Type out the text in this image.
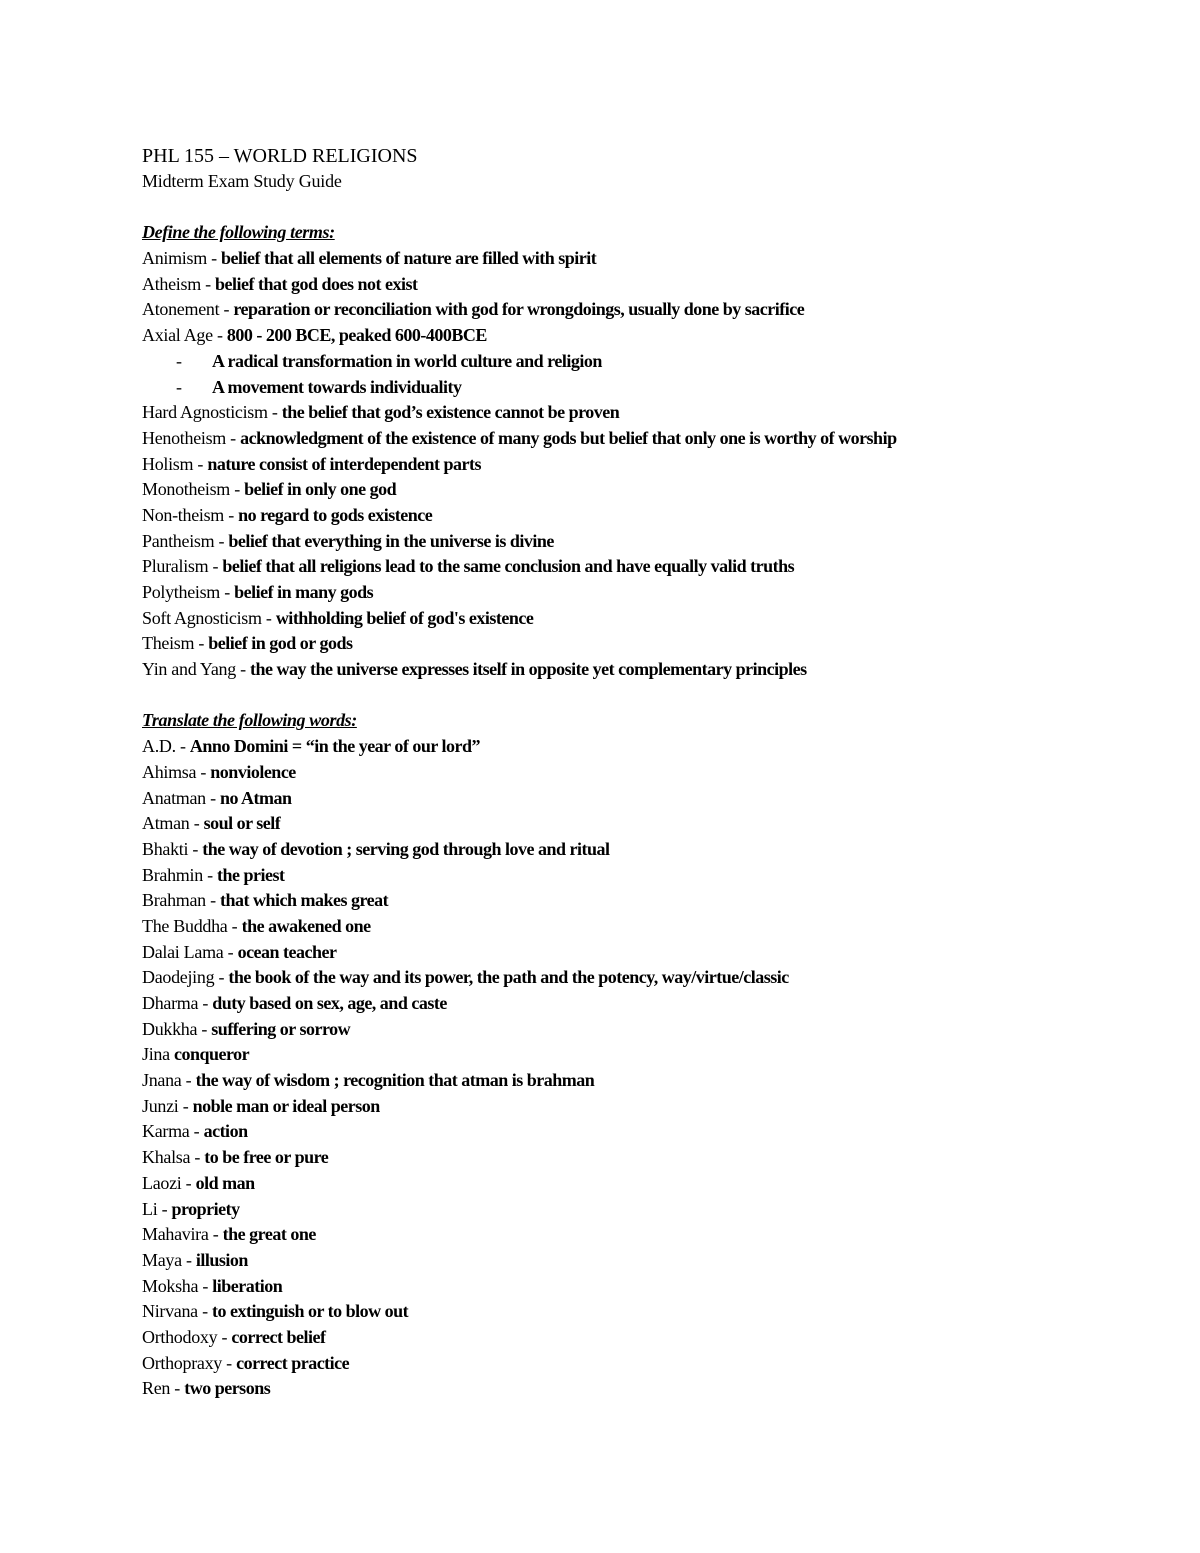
PHL 155 – WORLD RELIGIONS
Midterm Exam Study Guide
Define the following terms:
Animism - belief that all elements of nature are filled with spirit
Atheism - belief that god does not exist
Atonement - reparation or reconciliation with god for wrongdoings, usually done by sacrifice
Axial Age - 800 - 200 BCE, peaked 600-400BCE
- A radical transformation in world culture and religion
- A movement towards individuality
Hard Agnosticism - the belief that god’s existence cannot be proven
Henotheism - acknowledgment of the existence of many gods but belief that only one is worthy of worship
Holism - nature consist of interdependent parts
Monotheism - belief in only one god
Non-theism - no regard to gods existence
Pantheism - belief that everything in the universe is divine
Pluralism - belief that all religions lead to the same conclusion and have equally valid truths
Polytheism - belief in many gods
Soft Agnosticism - withholding belief of god's existence
Theism - belief in god or gods
Yin and Yang - the way the universe expresses itself in opposite yet complementary principles
Translate the following words:
A.D. - Anno Domini = “in the year of our lord”
Ahimsa - nonviolence
Anatman - no Atman
Atman - soul or self
Bhakti - the way of devotion ; serving god through love and ritual
Brahmin - the priest
Brahman - that which makes great
The Buddha - the awakened one
Dalai Lama - ocean teacher
Daodejing - the book of the way and its power, the path and the potency, way/virtue/classic
Dharma - duty based on sex, age, and caste
Dukkha - suffering or sorrow
Jina conqueror
Jnana - the way of wisdom ; recognition that atman is brahman
Junzi - noble man or ideal person
Karma - action
Khalsa - to be free or pure
Laozi - old man
Li - propriety
Mahavira - the great one
Maya - illusion
Moksha - liberation
Nirvana - to extinguish or to blow out
Orthodoxy - correct belief
Orthopraxy - correct practice
Ren - two persons
